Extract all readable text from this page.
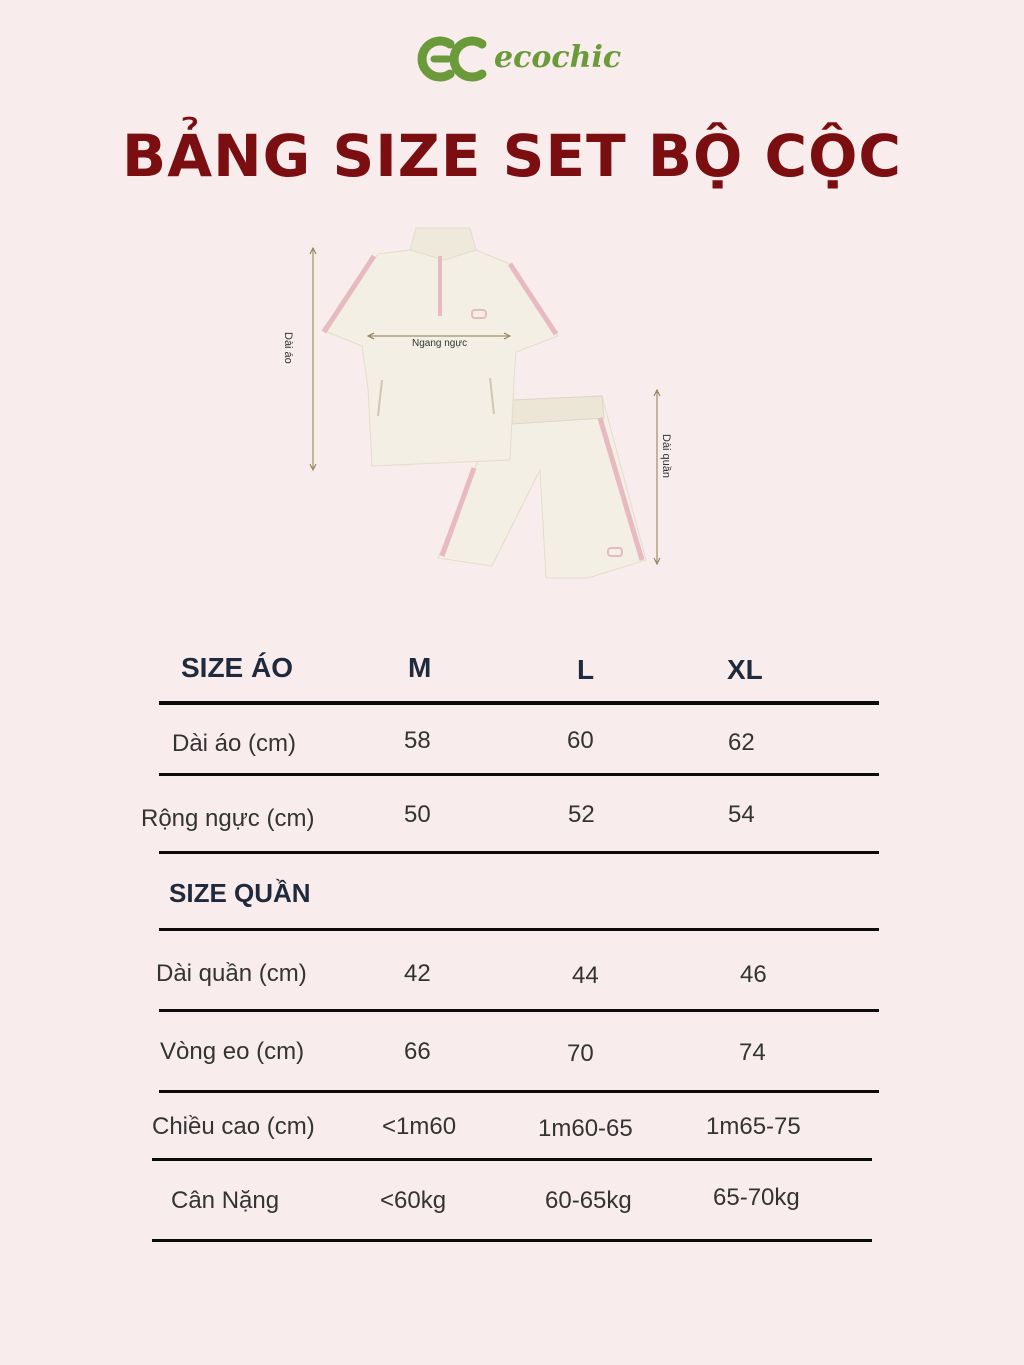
ecochic
BẢNG SIZE SET BỘ CỘC
Dài áo	Ngang ngực
Dài quần
SIZE ÁO	M	L	XL
Dài áo (cm)	58	60	62
Rộng ngực (cm)	50	52	54
SIZE QUẦN
Dài quần (cm)	42	44	46
Vòng eo (cm)	66	70	74
Chiều cao (cm)	<1m60	1m60-65	1m65-75
Cân Nặng	<60kg	60-65kg	65-70kg
